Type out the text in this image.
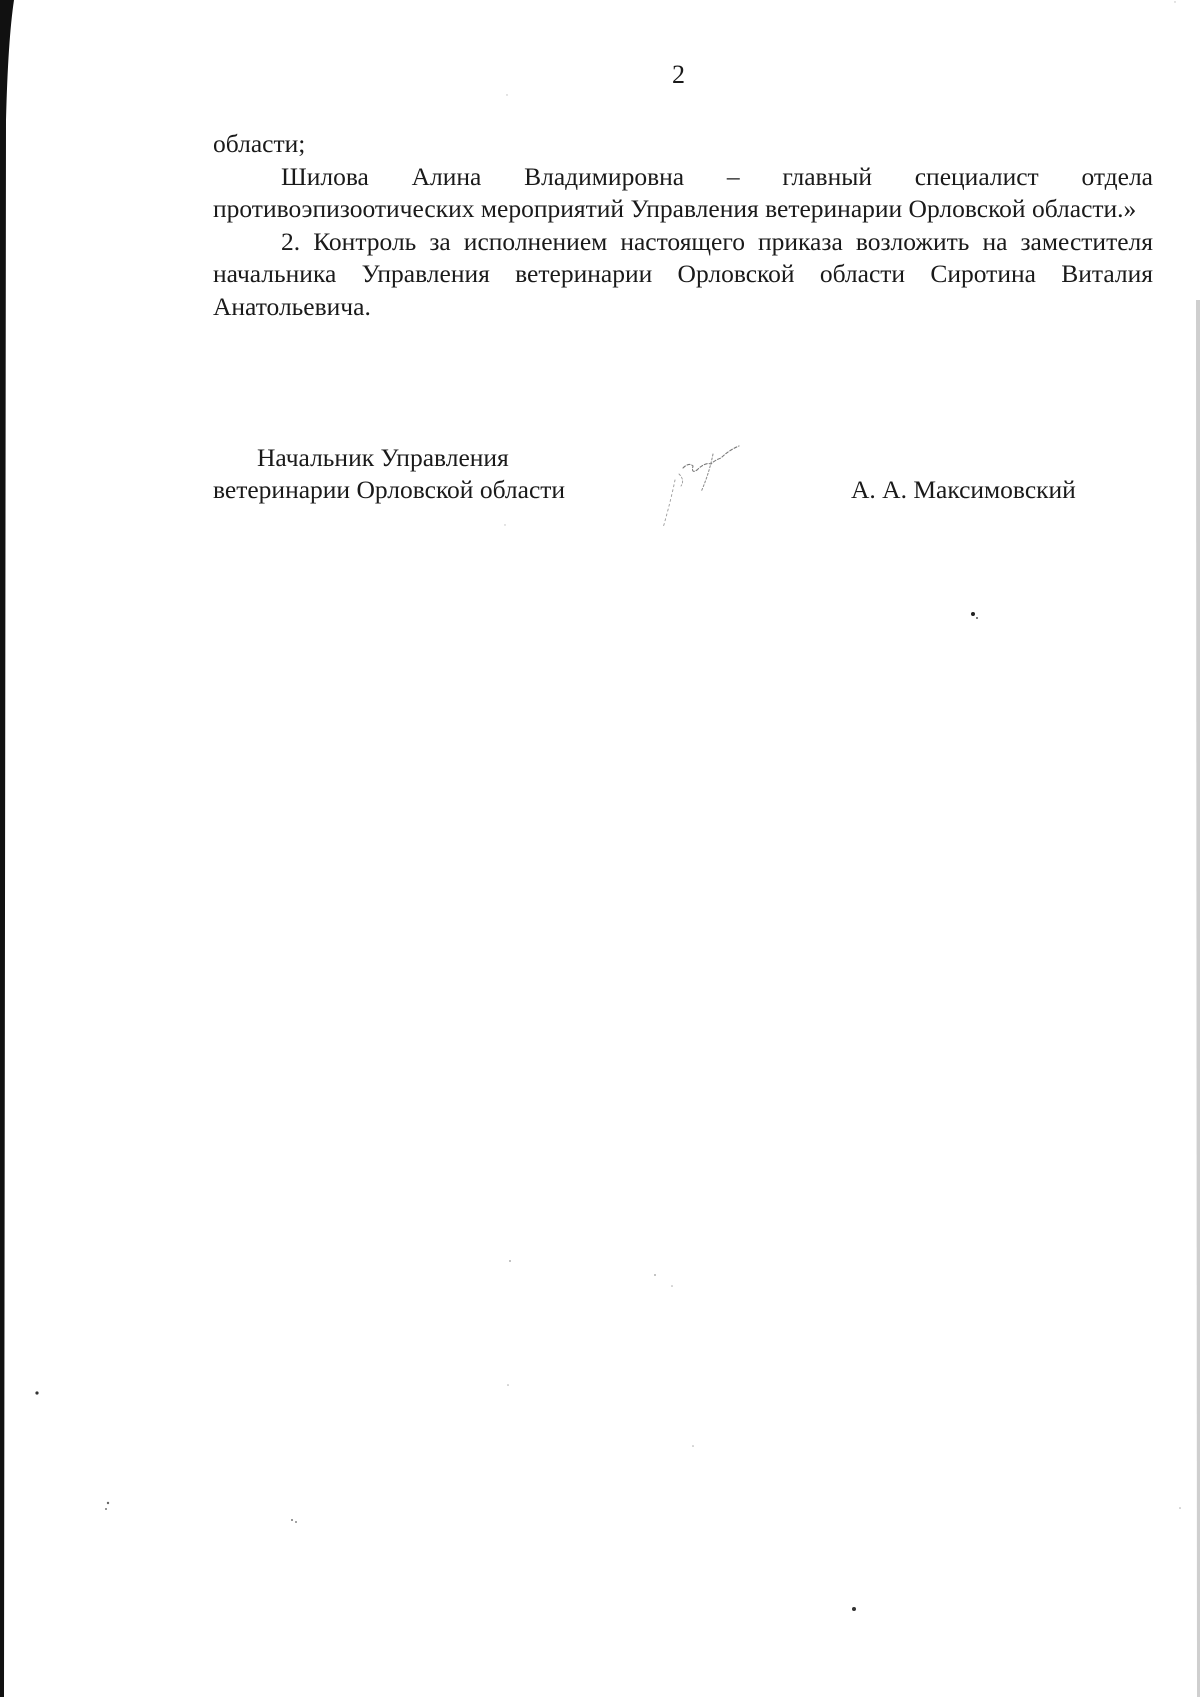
2

области;

Шилова Алина Владимировна – главный специалист отдела противоэпизоотических мероприятий Управления ветеринарии Орловской области.»

2. Контроль за исполнением настоящего приказа возложить на заместителя начальника Управления ветеринарии Орловской области Сиротина Виталия Анатольевича.

Начальник Управления
ветеринарии Орловской области	А. А. Максимовский
